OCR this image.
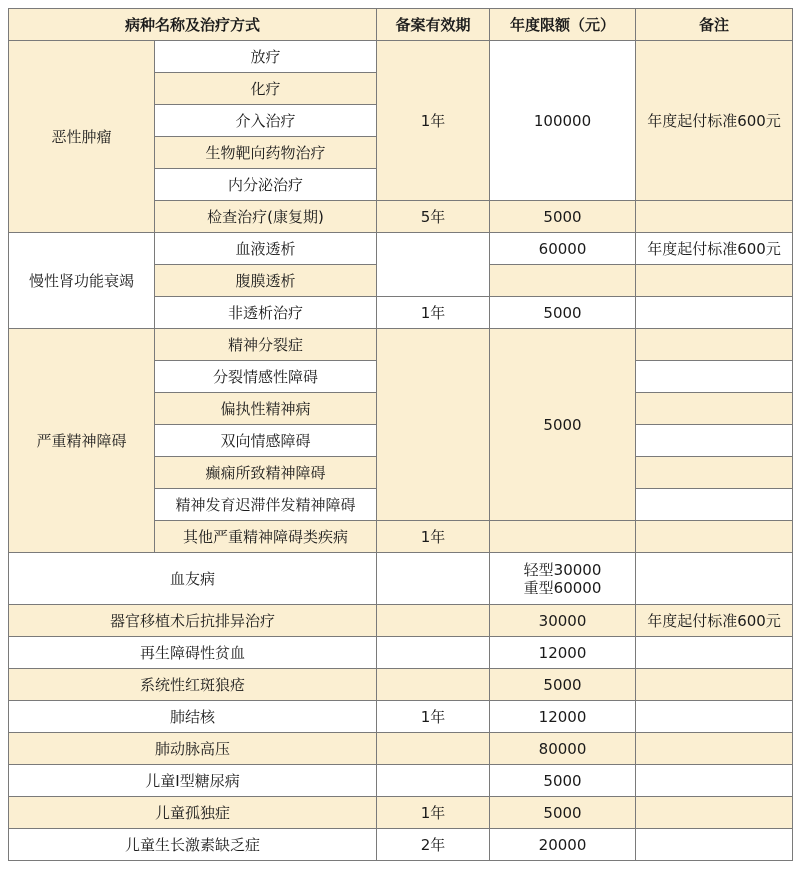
病种名称及治疗方式		备案有效期	年度限额（元）	备注
恶性肿瘤	放疗	1年	100000	年度起付标准600元
	化疗			
	介入治疗			
	生物靶向药物治疗			
	内分泌治疗			
	检查治疗(康复期)	5年	5000	
慢性肾功能衰竭	血液透析		60000	年度起付标准600元
	腹膜透析			
	非透析治疗	1年	5000	
严重精神障碍	精神分裂症		5000	
	分裂情感性障碍			
	偏执性精神病			
	双向情感障碍			
	癫痫所致精神障碍			
	精神发育迟滞伴发精神障碍			
	其他严重精神障碍类疾病	1年		
血友病			轻型30000
重型60000	

器官移植术后抗排异治疗			30000	年度起付标准600元
再生障碍性贫血			12000	
系统性红斑狼疮			5000	
肺结核		1年	12000	
肺动脉高压			80000	
儿童I型糖尿病			5000	
儿童孤独症		1年	5000	
儿童生长激素缺乏症		2年	20000	
